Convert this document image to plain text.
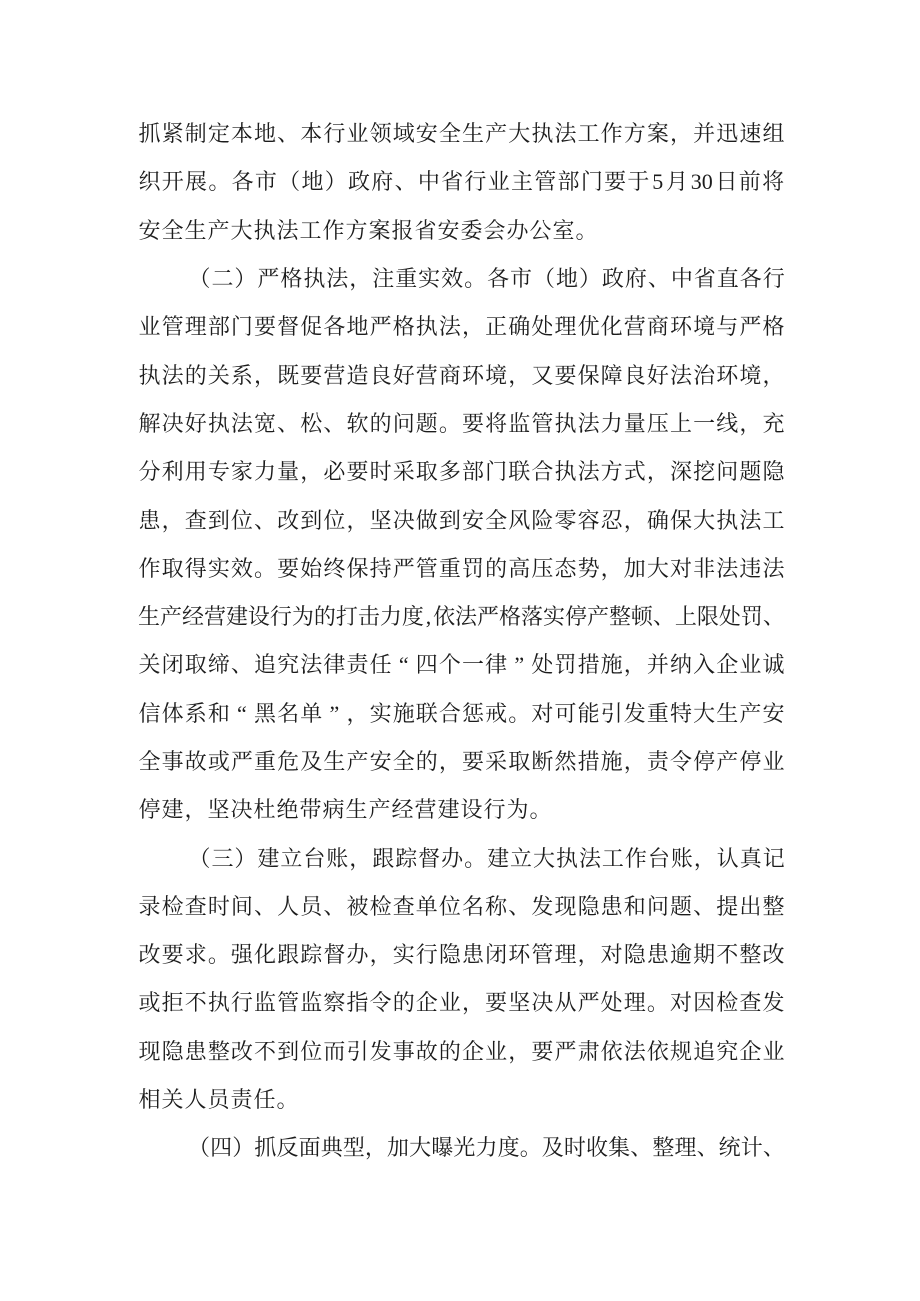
抓 紧 制 定 本 地 、 本 行 业 领 域 安 全 生 产 大 执 法 工 作 方 案 ， 并 迅 速 组
织 开 展 。 各 市 （ 地 ） 政 府 、 中 省 行 业 主 管 部 门 要 于 5 月 30 日 前 将
安 全 生 产 大 执 法 工 作 方 案 报 省 安 委 会 办 公 室 。
（ 二 ） 严 格 执 法 ， 注 重 实 效 。 各 市 （ 地 ） 政 府 、 中 省 直 各 行
业 管 理 部 门 要 督 促 各 地 严 格 执 法 ， 正 确 处 理 优 化 营 商 环 境 与 严 格
执 法 的 关 系 ， 既 要 营 造 良 好 营 商 环 境 ， 又 要 保 障 良 好 法 治 环 境 ，
解 决 好 执 法 宽 、 松 、 软 的 问 题 。 要 将 监 管 执 法 力 量 压 上 一 线 ， 充
分 利 用 专 家 力 量 ， 必 要 时 采 取 多 部 门 联 合 执 法 方 式 ， 深 挖 问 题 隐
患 ， 查 到 位 、 改 到 位 ， 坚 决 做 到 安 全 风 险 零 容 忍 ， 确 保 大 执 法 工
作 取 得 实 效 。 要 始 终 保 持 严 管 重 罚 的 高 压 态 势 ， 加 大 对 非 法 违 法
生 产 经 营 建 设 行 为 的 打 击 力 度 , 依 法 严 格 落 实 停 产 整 顿 、 上 限 处 罚 、
关 闭 取 缔 、 追 究 法 律 责 任 “ 四 个 一 律 ” 处 罚 措 施 ， 并 纳 入 企 业 诚
信 体 系 和 “ 黑 名 单 ” ， 实 施 联 合 惩 戒 。 对 可 能 引 发 重 特 大 生 产 安
全 事 故 或 严 重 危 及 生 产 安 全 的 ， 要 采 取 断 然 措 施 ， 责 令 停 产 停 业
停 建 ， 坚 决 杜 绝 带 病 生 产 经 营 建 设 行 为 。
（ 三 ） 建 立 台 账 ， 跟 踪 督 办 。 建 立 大 执 法 工 作 台 账 ， 认 真 记
录 检 查 时 间 、 人 员 、 被 检 查 单 位 名 称 、 发 现 隐 患 和 问 题 、 提 出 整
改 要 求 。 强 化 跟 踪 督 办 ， 实 行 隐 患 闭 环 管 理 ， 对 隐 患 逾 期 不 整 改
或 拒 不 执 行 监 管 监 察 指 令 的 企 业 ， 要 坚 决 从 严 处 理 。 对 因 检 查 发
现 隐 患 整 改 不 到 位 而 引 发 事 故 的 企 业 ， 要 严 肃 依 法 依 规 追 究 企 业
相 关 人 员 责 任 。
（ 四 ） 抓 反 面 典 型 ， 加 大 曝 光 力 度 。 及 时 收 集 、 整 理 、 统 计 、
